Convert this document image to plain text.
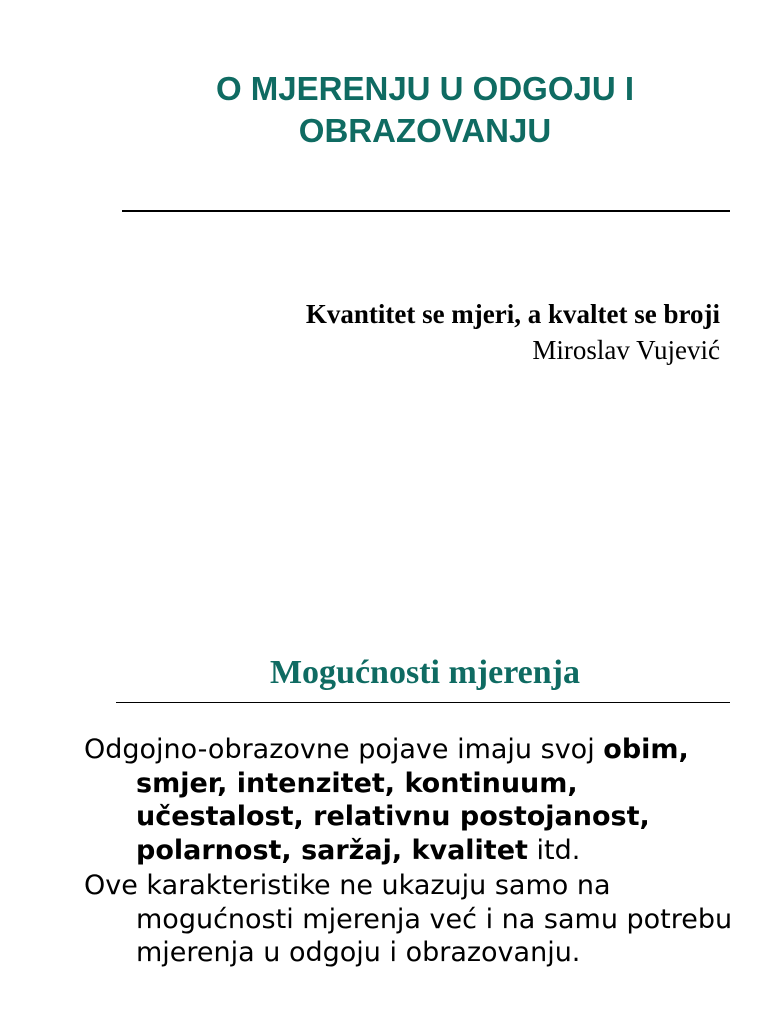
O MJERENJU U ODGOJU I OBRAZOVANJU
Kvantitet se mjeri, a kvaltet se broji
Miroslav Vujević
Mogućnosti mjerenja

Odgojno-obrazovne pojave imaju svoj obim, smjer, intenzitet, kontinuum, učestalost, relativnu postojanost, polarnost, saržaj, kvalitet itd.

Ove karakteristike ne ukazuju samo na mogućnosti mjerenja već i na samu potrebu mjerenja u odgoju i obrazovanju.
